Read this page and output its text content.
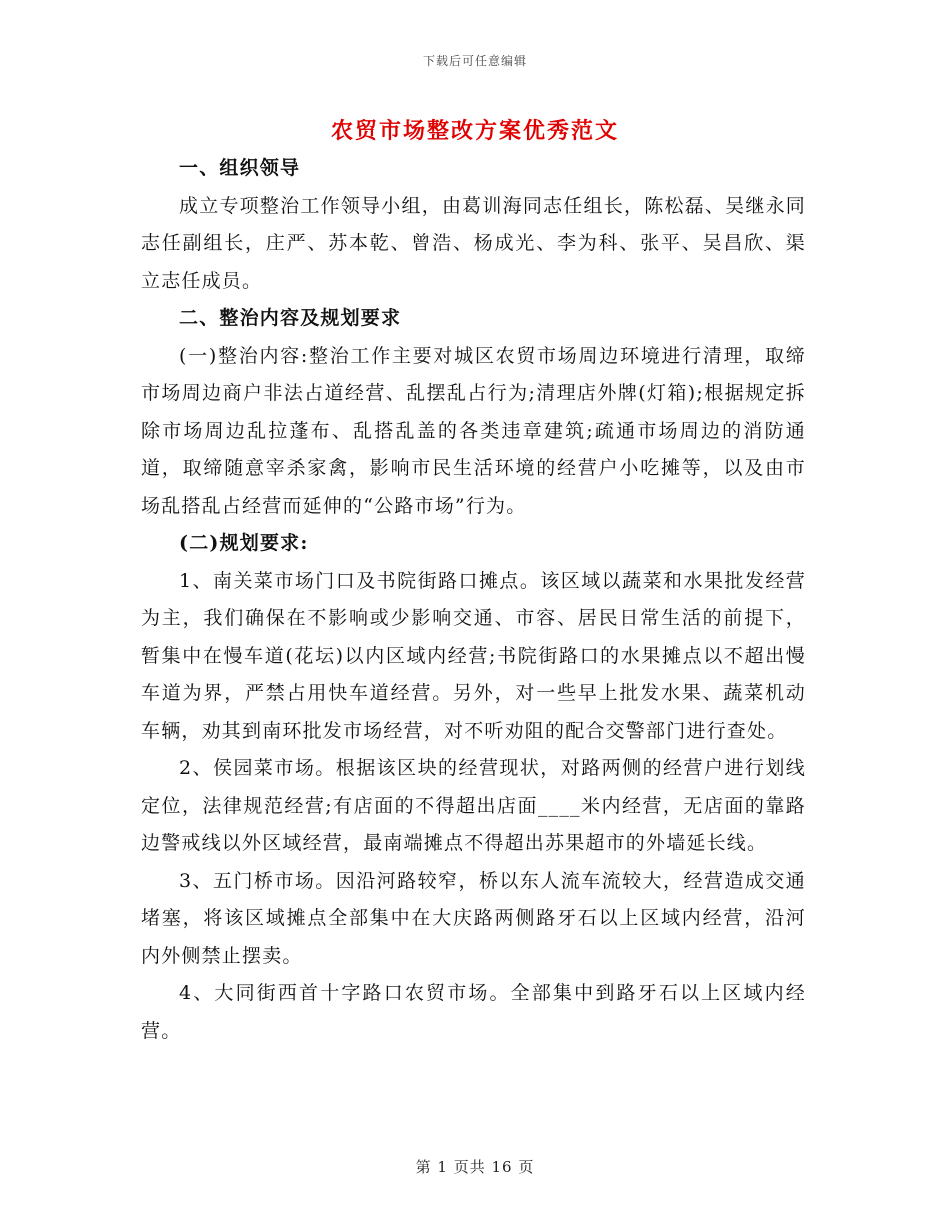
下载后可任意编辑
农贸市场整改方案优秀范文

一、组织领导

成立专项整治工作领导小组，由葛训海同志任组长，陈松磊、吴继永同志任副组长，庄严、苏本乾、曾浩、杨成光、李为科、张平、吴昌欣、渠立志任成员。

二、整治内容及规划要求

(一)整治内容:整治工作主要对城区农贸市场周边环境进行清理，取缔市场周边商户非法占道经营、乱摆乱占行为;清理店外牌(灯箱);根据规定拆除市场周边乱拉蓬布、乱搭乱盖的各类违章建筑;疏通市场周边的消防通道，取缔随意宰杀家禽，影响市民生活环境的经营户小吃摊等，以及由市场乱搭乱占经营而延伸的“公路市场”行为。

(二)规划要求:

1、南关菜市场门口及书院街路口摊点。该区域以蔬菜和水果批发经营为主，我们确保在不影响或少影响交通、市容、居民日常生活的前提下，暂集中在慢车道(花坛)以内区域内经营;书院街路口的水果摊点以不超出慢车道为界，严禁占用快车道经营。另外，对一些早上批发水果、蔬菜机动车辆，劝其到南环批发市场经营，对不听劝阻的配合交警部门进行查处。

2、侯园菜市场。根据该区块的经营现状，对路两侧的经营户进行划线定位，法律规范经营;有店面的不得超出店面____米内经营，无店面的靠路边警戒线以外区域经营，最南端摊点不得超出苏果超市的外墙延长线。

3、五门桥市场。因沿河路较窄，桥以东人流车流较大，经营造成交通堵塞，将该区域摊点全部集中在大庆路两侧路牙石以上区域内经营，沿河内外侧禁止摆卖。

4、大同街西首十字路口农贸市场。全部集中到路牙石以上区域内经营。

第 1 页共 16 页
